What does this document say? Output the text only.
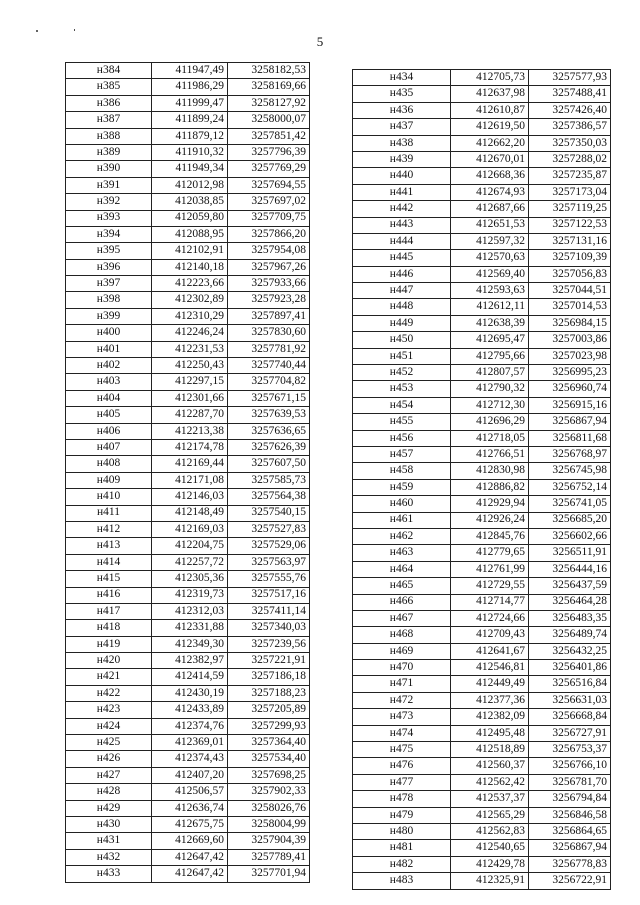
5
н384	411947,49	3258182,53
н385	411986,29	3258169,66
н386	411999,47	3258127,92
н387	411899,24	3258000,07
н388	411879,12	3257851,42
н389	411910,32	3257796,39
н390	411949,34	3257769,29
н391	412012,98	3257694,55
н392	412038,85	3257697,02
н393	412059,80	3257709,75
н394	412088,95	3257866,20
н395	412102,91	3257954,08
н396	412140,18	3257967,26
н397	412223,66	3257933,66
н398	412302,89	3257923,28
н399	412310,29	3257897,41
н400	412246,24	3257830,60
н401	412231,53	3257781,92
н402	412250,43	3257740,44
н403	412297,15	3257704,82
н404	412301,66	3257671,15
н405	412287,70	3257639,53
н406	412213,38	3257636,65
н407	412174,78	3257626,39
н408	412169,44	3257607,50
н409	412171,08	3257585,73
н410	412146,03	3257564,38
н411	412148,49	3257540,15
н412	412169,03	3257527,83
н413	412204,75	3257529,06
н414	412257,72	3257563,97
н415	412305,36	3257555,76
н416	412319,73	3257517,16
н417	412312,03	3257411,14
н418	412331,88	3257340,03
н419	412349,30	3257239,56
н420	412382,97	3257221,91
н421	412414,59	3257186,18
н422	412430,19	3257188,23
н423	412433,89	3257205,89
н424	412374,76	3257299,93
н425	412369,01	3257364,40
н426	412374,43	3257534,40
н427	412407,20	3257698,25
н428	412506,57	3257902,33
н429	412636,74	3258026,76
н430	412675,75	3258004,99
н431	412669,60	3257904,39
н432	412647,42	3257789,41
н433	412647,42	3257701,94
н434	412705,73	3257577,93
н435	412637,98	3257488,41
н436	412610,87	3257426,40
н437	412619,50	3257386,57
н438	412662,20	3257350,03
н439	412670,01	3257288,02
н440	412668,36	3257235,87
н441	412674,93	3257173,04
н442	412687,66	3257119,25
н443	412651,53	3257122,53
н444	412597,32	3257131,16
н445	412570,63	3257109,39
н446	412569,40	3257056,83
н447	412593,63	3257044,51
н448	412612,11	3257014,53
н449	412638,39	3256984,15
н450	412695,47	3257003,86
н451	412795,66	3257023,98
н452	412807,57	3256995,23
н453	412790,32	3256960,74
н454	412712,30	3256915,16
н455	412696,29	3256867,94
н456	412718,05	3256811,68
н457	412766,51	3256768,97
н458	412830,98	3256745,98
н459	412886,82	3256752,14
н460	412929,94	3256741,05
н461	412926,24	3256685,20
н462	412845,76	3256602,66
н463	412779,65	3256511,91
н464	412761,99	3256444,16
н465	412729,55	3256437,59
н466	412714,77	3256464,28
н467	412724,66	3256483,35
н468	412709,43	3256489,74
н469	412641,67	3256432,25
н470	412546,81	3256401,86
н471	412449,49	3256516,84
н472	412377,36	3256631,03
н473	412382,09	3256668,84
н474	412495,48	3256727,91
н475	412518,89	3256753,37
н476	412560,37	3256766,10
н477	412562,42	3256781,70
н478	412537,37	3256794,84
н479	412565,29	3256846,58
н480	412562,83	3256864,65
н481	412540,65	3256867,94
н482	412429,78	3256778,83
н483	412325,91	3256722,91
